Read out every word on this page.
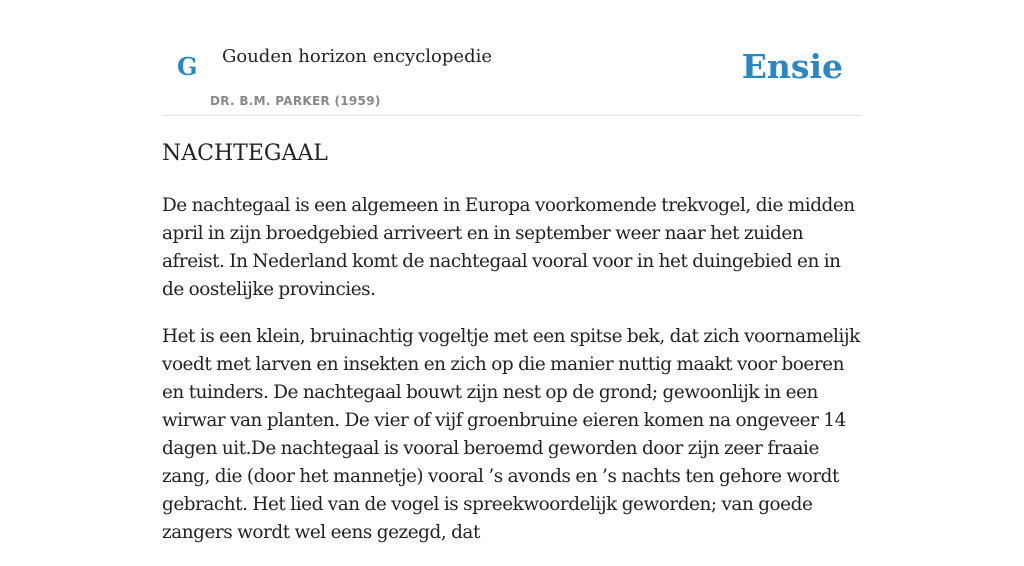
G Gouden horizon encyclopedie
DR. B.M. PARKER (1959)
Ensie
NACHTEGAAL

De nachtegaal is een algemeen in Europa voorkomende trekvogel, die midden april in zijn broedgebied arriveert en in september weer naar het zuiden afreist. In Nederland komt de nachtegaal vooral voor in het duingebied en in de oostelijke provincies.

Het is een klein, bruinachtig vogeltje met een spitse bek, dat zich voornamelijk voedt met larven en insekten en zich op die manier nuttig maakt voor boeren en tuinders. De nachtegaal bouwt zijn nest op de grond; gewoonlijk in een wirwar van planten. De vier of vijf groenbruine eieren komen na ongeveer 14 dagen uit.De nachtegaal is vooral beroemd geworden door zijn zeer fraaie zang, die (door het mannetje) vooral ’s avonds en ’s nachts ten gehore wordt gebracht. Het lied van de vogel is spreekwoordelijk geworden; van goede zangers wordt wel eens gezegd, dat
